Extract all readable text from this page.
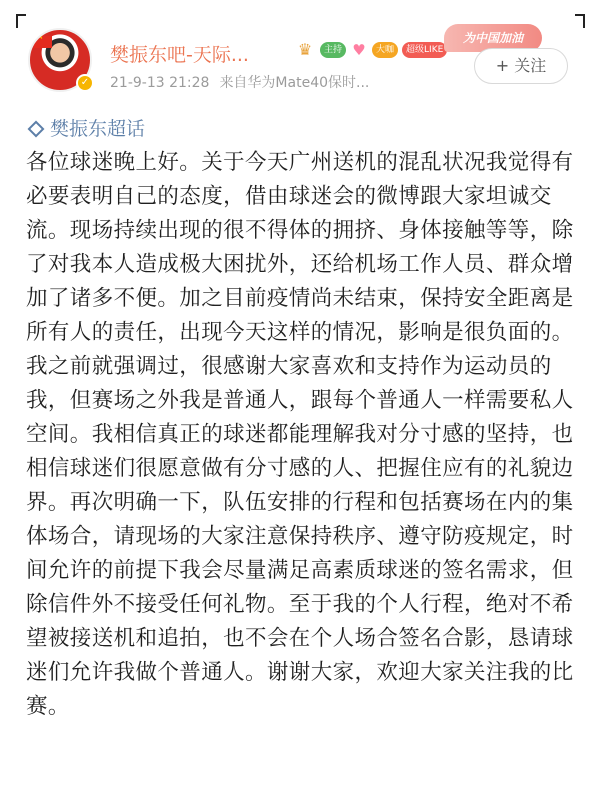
★
✓
樊振东吧-天际...	♛	主持 ♥	大咖	超级LIKE
21-9-13 21:28 来自华为Mate40保时...
为中国加油
+ 关注
樊振东超话
各位球迷晚上好。关于今天广州送机的混乱状况我觉得有必要表明自己的态度，借由球迷会的微博跟大家坦诚交流。现场持续出现的很不得体的拥挤、身体接触等等，除了对我本人造成极大困扰外，还给机场工作人员、群众增加了诸多不便。加之目前疫情尚未结束，保持安全距离是所有人的责任，出现今天这样的情况，影响是很负面的。我之前就强调过，很感谢大家喜欢和支持作为运动员的我，但赛场之外我是普通人，跟每个普通人一样需要私人空间。我相信真正的球迷都能理解我对分寸感的坚持，也相信球迷们很愿意做有分寸感的人、把握住应有的礼貌边界。再次明确一下，队伍安排的行程和包括赛场在内的集体场合，请现场的大家注意保持秩序、遵守防疫规定，时间允许的前提下我会尽量满足高素质球迷的签名需求，但除信件外不接受任何礼物。至于我的个人行程，绝对不希望被接送机和追拍，也不会在个人场合签名合影，恳请球迷们允许我做个普通人。谢谢大家，欢迎大家关注我的比赛。
